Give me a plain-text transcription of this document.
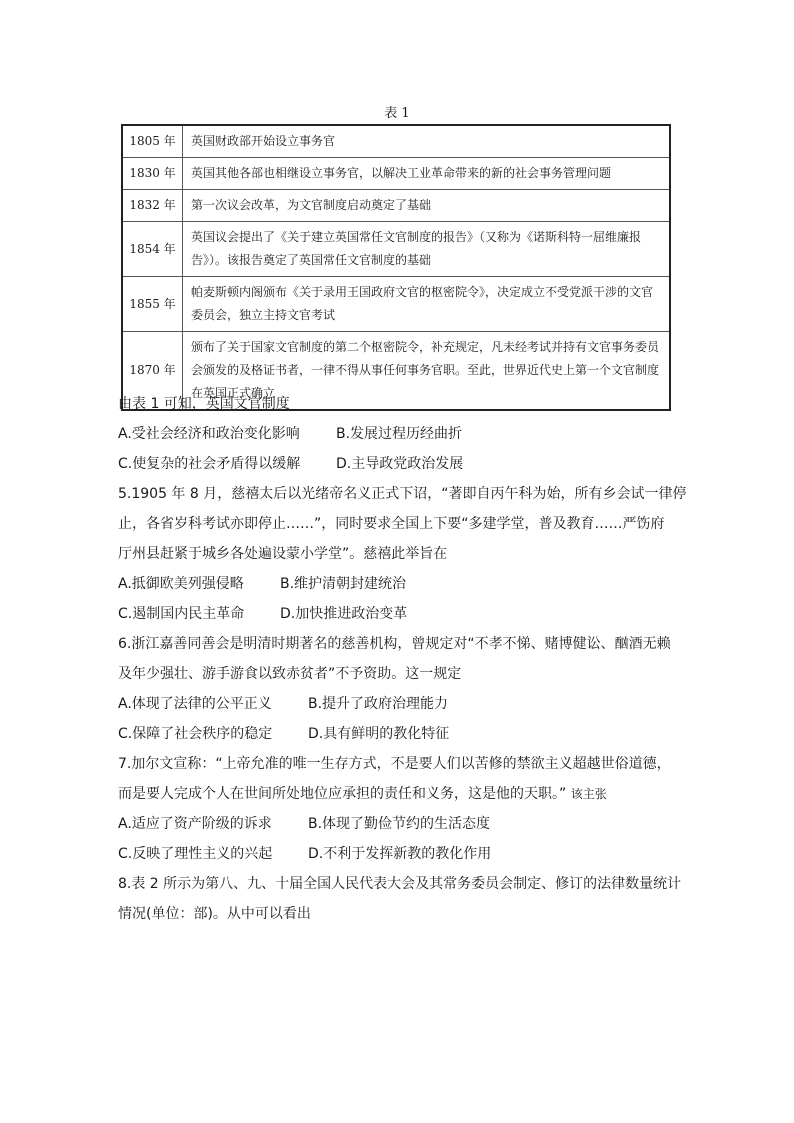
表 1
1805 年	英国财政部开始设立事务官
1830 年	英国其他各部也相继设立事务官，以解决工业革命带来的新的社会事务管理问题
1832 年	第一次议会改革，为文官制度启动奠定了基础
1854 年	英国议会提出了《关于建立英国常任文官制度的报告》（又称为《诺斯科特一屈维廉报告》）。该报告奠定了英国常任文官制度的基础
1855 年	帕麦斯顿内阁颁布《关于录用王国政府文官的枢密院令》，决定成立不受党派干涉的文官委员会，独立主持文官考试
1870 年	颁布了关于国家文官制度的第二个枢密院令，补充规定，凡未经考试并持有文官事务委员会颁发的及格证书者，一律不得从事任何事务官职。至此，世界近代史上第一个文官制度在英国正式确立
由表 1 可知，英国文官制度
A.受社会经济和政治变化影响	B.发展过程历经曲折
C.使复杂的社会矛盾得以缓解	D.主导政党政治发展
5.1905 年 8 月，慈禧太后以光绪帝名义正式下诏，“著即自丙午科为始，所有乡会试一律停
止，各省岁科考试亦即停止……”，同时要求全国上下要“多建学堂，普及教育……严饬府
厅州县赶紧于城乡各处遍设蒙小学堂”。慈禧此举旨在
A.抵御欧美列强侵略	B.维护清朝封建统治
C.遏制国内民主革命	D.加快推进政治变革
6.浙江嘉善同善会是明清时期著名的慈善机构，曾规定对“不孝不悌、赌博健讼、酗酒无赖
及年少强壮、游手游食以致赤贫者”不予资助。这一规定
A.体现了法律的公平正义	B.提升了政府治理能力
C.保障了社会秩序的稳定	D.具有鲜明的教化特征
7.加尔文宣称：“上帝允准的唯一生存方式，不是要人们以苦修的禁欲主义超越世俗道德，
而是要人完成个人在世间所处地位应承担的责任和义务，这是他的天职。” 该主张
A.适应了资产阶级的诉求	B.体现了勤俭节约的生活态度
C.反映了理性主义的兴起	D.不利于发挥新教的教化作用
8.表 2 所示为第八、九、十届全国人民代表大会及其常务委员会制定、修订的法律数量统计
情况(单位：部)。从中可以看出
